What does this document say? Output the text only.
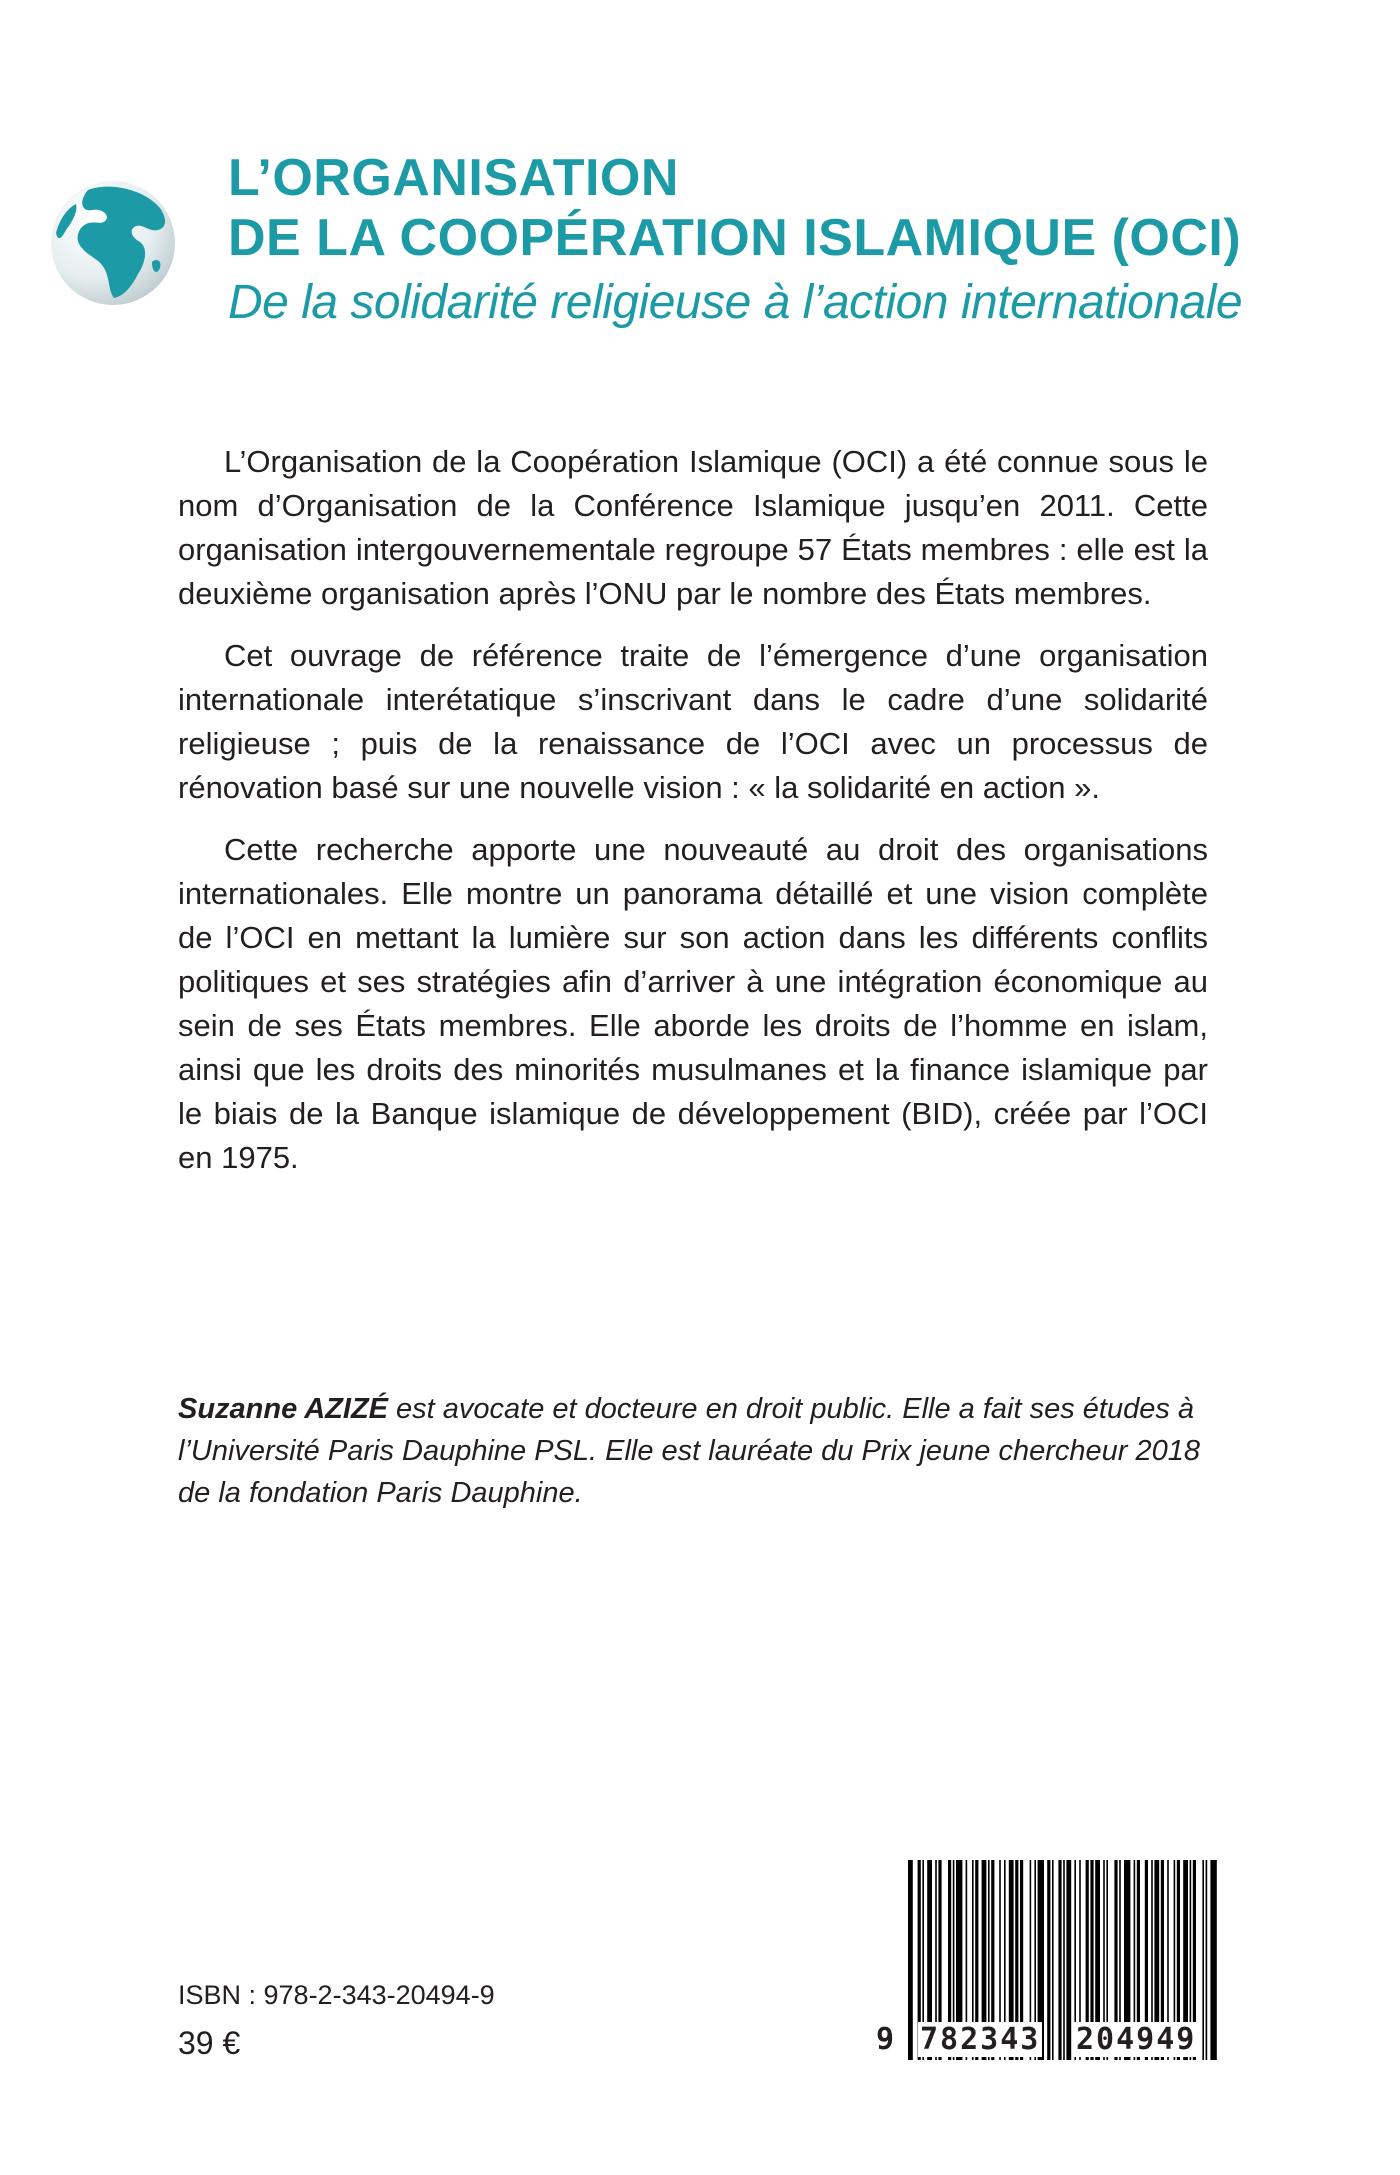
L’ORGANISATION
DE LA COOPÉRATION ISLAMIQUE (OCI)
De la solidarité religieuse à l’action internationale

L’Organisation de la Coopération Islamique (OCI) a été connue sous le nom d’Organisation de la Conférence Islamique jusqu’en 2011. Cette organisation intergouvernementale regroupe 57 États membres : elle est la deuxième organisation après l’ONU par le nombre des États membres.

Cet ouvrage de référence traite de l’émergence d’une organisation internationale interétatique s’inscrivant dans le cadre d’une solidarité religieuse ; puis de la renaissance de l’OCI avec un processus de rénovation basé sur une nouvelle vision : « la solidarité en action ».

Cette recherche apporte une nouveauté au droit des organisations internationales. Elle montre un panorama détaillé et une vision complète de l’OCI en mettant la lumière sur son action dans les différents conflits politiques et ses stratégies afin d’arriver à une intégration économique au sein de ses États membres. Elle aborde les droits de l’homme en islam, ainsi que les droits des minorités musulmanes et la finance islamique par le biais de la Banque islamique de développement (BID), créée par l’OCI en 1975.

Suzanne AZIZÉ est avocate et docteure en droit public. Elle a fait ses études à l’Université Paris Dauphine PSL. Elle est lauréate du Prix jeune chercheur 2018 de la fondation Paris Dauphine.
ISBN : 978-2-343-20494-9
39 €	9 782343 204949
